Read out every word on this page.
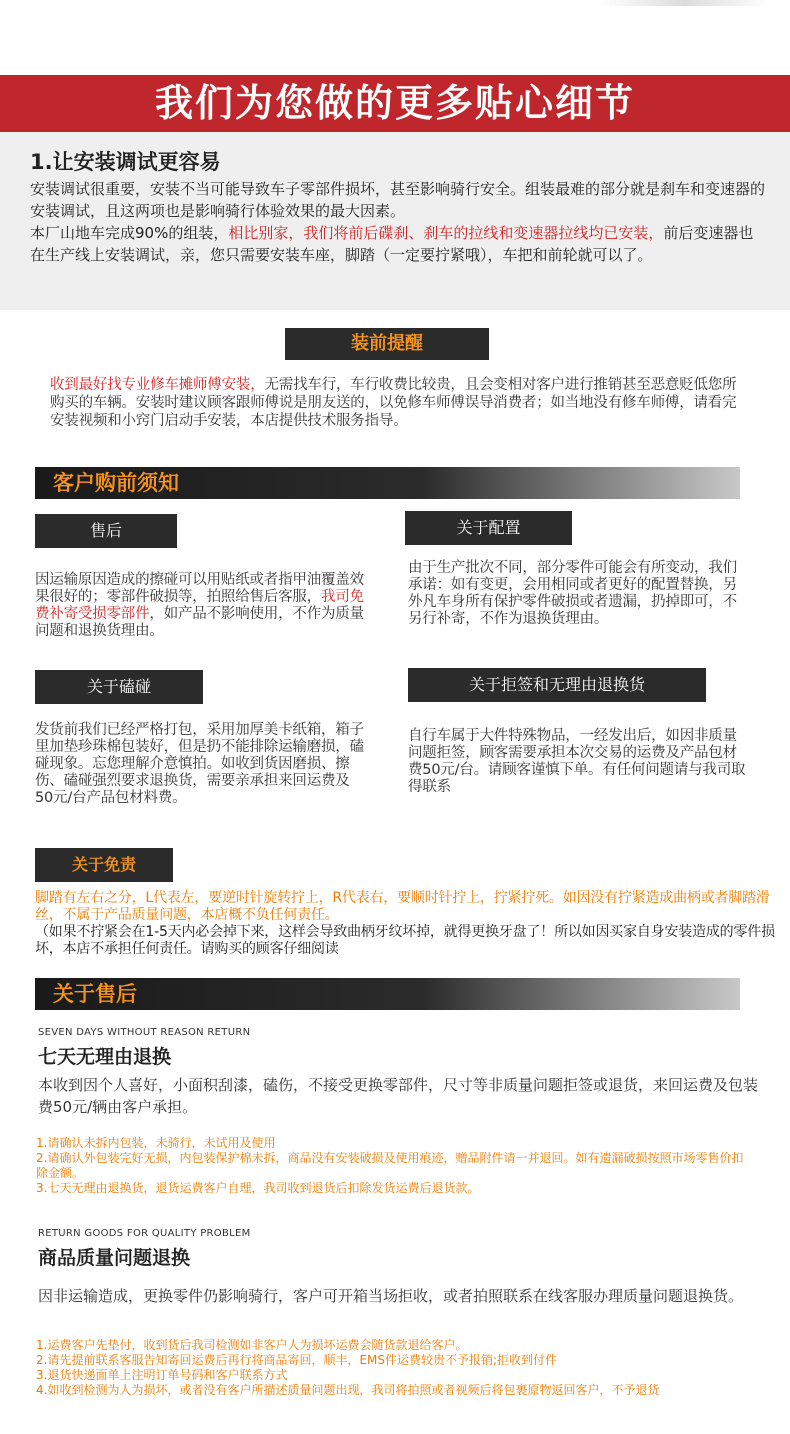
我们为您做的更多贴心细节
1.让安装调试更容易
安装调试很重要，安装不当可能导致车子零部件损坏，甚至影响骑行安全。组装最难的部分就是刹车和变速器的安装调试，且这两项也是影响骑行体验效果的最大因素。
本厂山地车完成90%的组装，相比别家，我们将前后碟刹、刹车的拉线和变速器拉线均已安装，前后变速器也在生产线上安装调试，亲，您只需要安装车座，脚踏（一定要拧紧哦），车把和前轮就可以了。
装前提醒
收到最好找专业修车摊师傅安装，无需找车行，车行收费比较贵，且会变相对客户进行推销甚至恶意贬低您所购买的车辆。安装时建议顾客跟师傅说是朋友送的，以免修车师傅误导消费者；如当地没有修车师傅，请看完安装视频和小窍门启动手安装，本店提供技术服务指导。
客户购前须知
售后
因运输原因造成的擦碰可以用贴纸或者指甲油覆盖效果很好的；零部件破损等，拍照给售后客服，我司免费补寄受损零部件，如产品不影响使用，不作为质量问题和退换货理由。
关于配置
由于生产批次不同，部分零件可能会有所变动，我们承诺：如有变更，会用相同或者更好的配置替换，另外凡车身所有保护零件破损或者遗漏，扔掉即可，不另行补寄，不作为退换货理由。
关于磕碰
发货前我们已经严格打包，采用加厚美卡纸箱，箱子里加垫珍珠棉包装好，但是扔不能排除运输磨损，磕碰现象。忘您理解介意慎拍。如收到货因磨损、擦伤、磕碰强烈要求退换货，需要亲承担来回运费及50元/台产品包材料费。
关于拒签和无理由退换货
自行车属于大件特殊物品，一经发出后，如因非质量问题拒签，顾客需要承担本次交易的运费及产品包材费50元/台。请顾客谨慎下单。有任何问题请与我司取得联系
关于免责
脚踏有左右之分，L代表左，要逆时针旋转拧上，R代表右，要顺时针拧上，拧紧拧死。如因没有拧紧造成曲柄或者脚踏滑丝，不属于产品质量问题，本店概不负任何责任。
（如果不拧紧会在1-5天内必会掉下来，这样会导致曲柄牙纹坏掉，就得更换牙盘了！所以如因买家自身安装造成的零件损坏，本店不承担任何责任。请购买的顾客仔细阅读
关于售后
SEVEN DAYS WITHOUT REASON RETURN
七天无理由退换
本收到因个人喜好，小面积刮漆，磕伤，不接受更换零部件，尺寸等非质量问题拒签或退货，来回运费及包装费50元/辆由客户承担。
1.请确认未拆内包装，未骑行，未试用及使用
2.请确认外包装完好无损，内包装保护棉未拆，商品没有安装破损及使用痕迹，赠品附件请一并退回。如有遗漏破损按照市场零售价扣除金额。
3.七天无理由退换货，退货运费客户自理，我司收到退货后扣除发货运费后退货款。
RETURN GOODS FOR QUALITY PROBLEM
商品质量问题退换
因非运输造成，更换零件仍影响骑行，客户可开箱当场拒收，或者拍照联系在线客服办理质量问题退换货。
1.运费客户先垫付，收到货后我司检测如非客户人为损坏运费会随货款退给客户。
2.请先提前联系客服告知寄回运费后再行将商品寄回，顺丰，EMS件运费较贵不予报销;拒收到付件
3.退货快递面单上注明订单号码和客户联系方式
4.如收到检测为人为损坏，或者没有客户所描述质量问题出现，我司将拍照或者视频后将包裹原物返回客户，不予退货
